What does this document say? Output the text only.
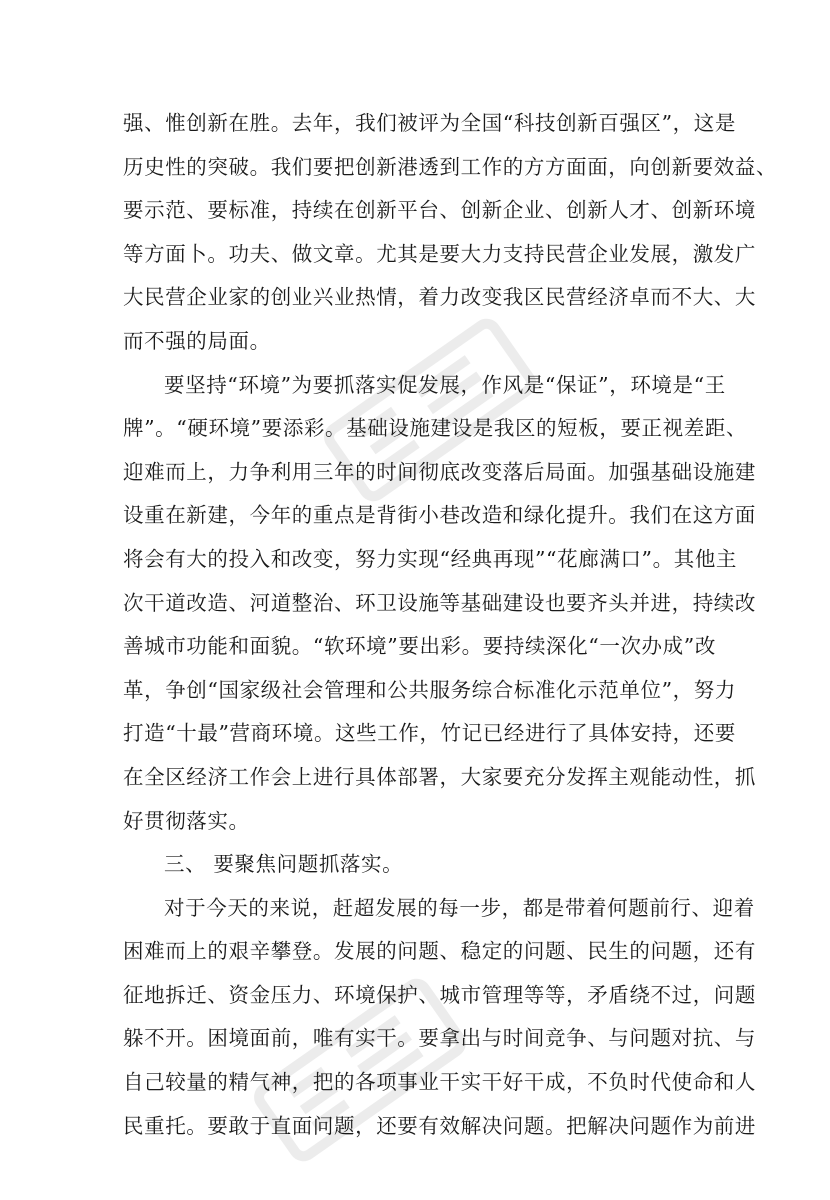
强、惟创新在胜。去年，我们被评为全国“科技创新百强区”，这是
历史性的突破。我们要把创新港透到工作的方方面面，向创新要效益、
要示范、要标准，持续在创新平台、创新企业、创新人才、创新环境
等方面卜。功夫、做文章。尤其是要大力支持民营企业发展，激发广
大民营企业家的创业兴业热情，着力改变我区民营经济卓而不大、大
而不强的局面。
要坚持“环境”为要抓落实促发展，作风是“保证”，环境是“王
牌”。“硬环境”要添彩。基础设施建设是我区的短板，要正视差距、
迎难而上，力争利用三年的时间彻底改变落后局面。加强基础设施建
设重在新建，今年的重点是背街小巷改造和绿化提升。我们在这方面
将会有大的投入和改变，努力实现“经典再现”“花廊满口”。其他主
次干道改造、河道整治、环卫设施等基础建设也要齐头并进，持续改
善城市功能和面貌。“软环境”要出彩。要持续深化“一次办成”改
革，争创“国家级社会管理和公共服务综合标准化示范单位”，努力
打造“十最”营商环境。这些工作，竹记已经进行了具体安持，还要
在全区经济工作会上进行具体部署，大家要充分发挥主观能动性，抓
好贯彻落实。
三、 要聚焦问题抓落实。
对于今天的来说，赶超发展的每一步，都是带着何题前行、迎着
困难而上的艰辛攀登。发展的问题、稳定的问题、民生的问题，还有
征地拆迁、资金压力、环境保护、城市管理等等，矛盾绕不过，问题
躲不开。困境面前，唯有实干。要拿出与时间竞争、与问题对抗、与
自己较量的精气神，把的各项事业干实干好干成，不负时代使命和人
民重托。要敢于直面问题，还要有效解决问题。把解决问题作为前进
